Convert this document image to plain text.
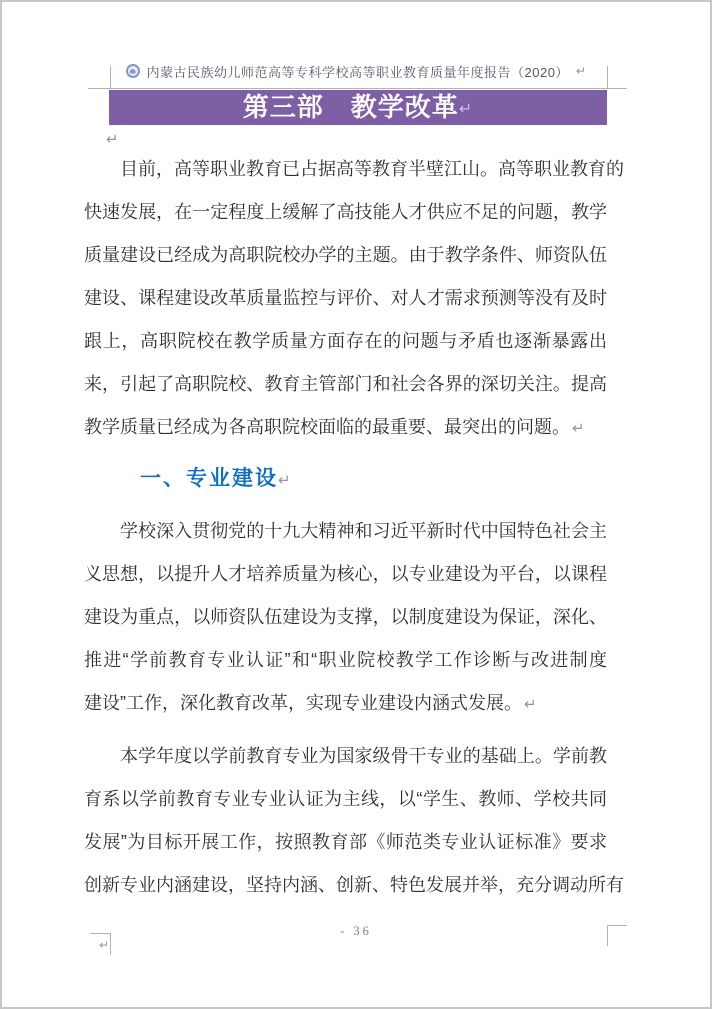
内蒙古民族幼儿师范高等专科学校高等职业教育质量年度报告（2020） ↵
第三部　教学改革↵
↵
目前，高等职业教育已占据高等教育半壁江山。高等职业教育的
快速发展，在一定程度上缓解了高技能人才供应不足的问题，教学
质量建设已经成为高职院校办学的主题。由于教学条件、师资队伍
建设、课程建设改革质量监控与评价、对人才需求预测等没有及时
跟上，高职院校在教学质量方面存在的问题与矛盾也逐渐暴露出
来，引起了高职院校、教育主管部门和社会各界的深切关注。提高
教学质量已经成为各高职院校面临的最重要、最突出的问题。 ↵
一、专业建设↵
学校深入贯彻党的十九大精神和习近平新时代中国特色社会主
义思想，以提升人才培养质量为核心，以专业建设为平台，以课程
建设为重点，以师资队伍建设为支撑，以制度建设为保证，深化、
推进“学前教育专业认证”和“职业院校教学工作诊断与改进制度
建设”工作，深化教育改革，实现专业建设内涵式发展。 ↵
本学年度以学前教育专业为国家级骨干专业的基础上。学前教
育系以学前教育专业专业认证为主线，以“学生、教师、学校共同
发展”为目标开展工作，按照教育部《师范类专业认证标准》要求
创新专业内涵建设，坚持内涵、创新、特色发展并举，充分调动所有
↵
- 36
